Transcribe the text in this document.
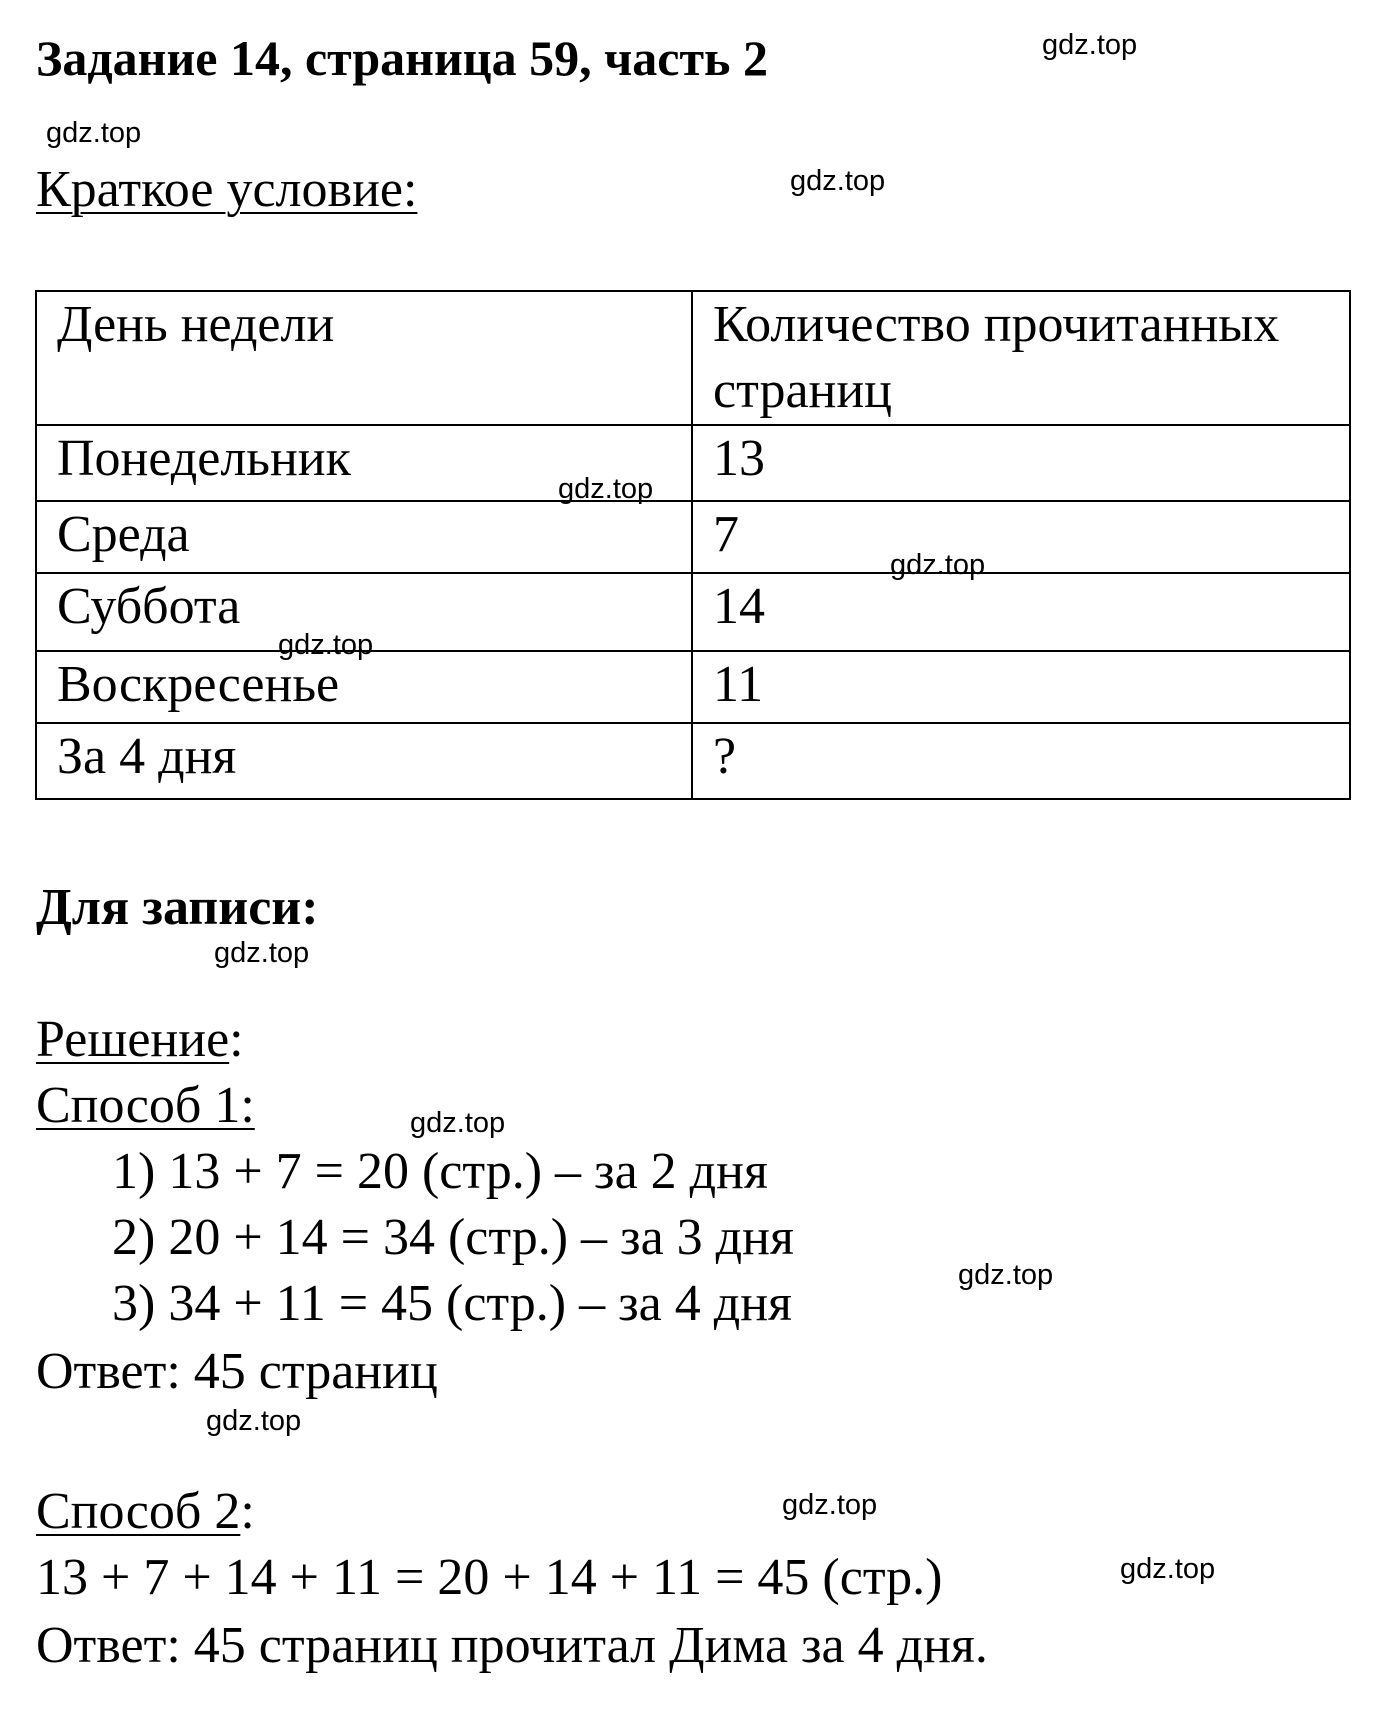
Задание 14, страница 59, часть 2
Краткое условие:
День недели	Количество прочитанных страниц
Понедельник	13
Среда	7
Суббота	14
Воскресенье	11
За 4 дня	?
Для записи:
Решение:
Способ 1:
1) 13 + 7 = 20 (стр.) – за 2 дня
2) 20 + 14 = 34 (стр.) – за 3 дня
3) 34 + 11 = 45 (стр.) – за 4 дня
Ответ: 45 страниц
Способ 2:
13 + 7 + 14 + 11 = 20 + 14 + 11 = 45 (стр.)
Ответ: 45 страниц прочитал Дима за 4 дня.
gdz.top
gdz.top
gdz.top
gdz.top
gdz.top
gdz.top
gdz.top
gdz.top
gdz.top
gdz.top
gdz.top
gdz.top
